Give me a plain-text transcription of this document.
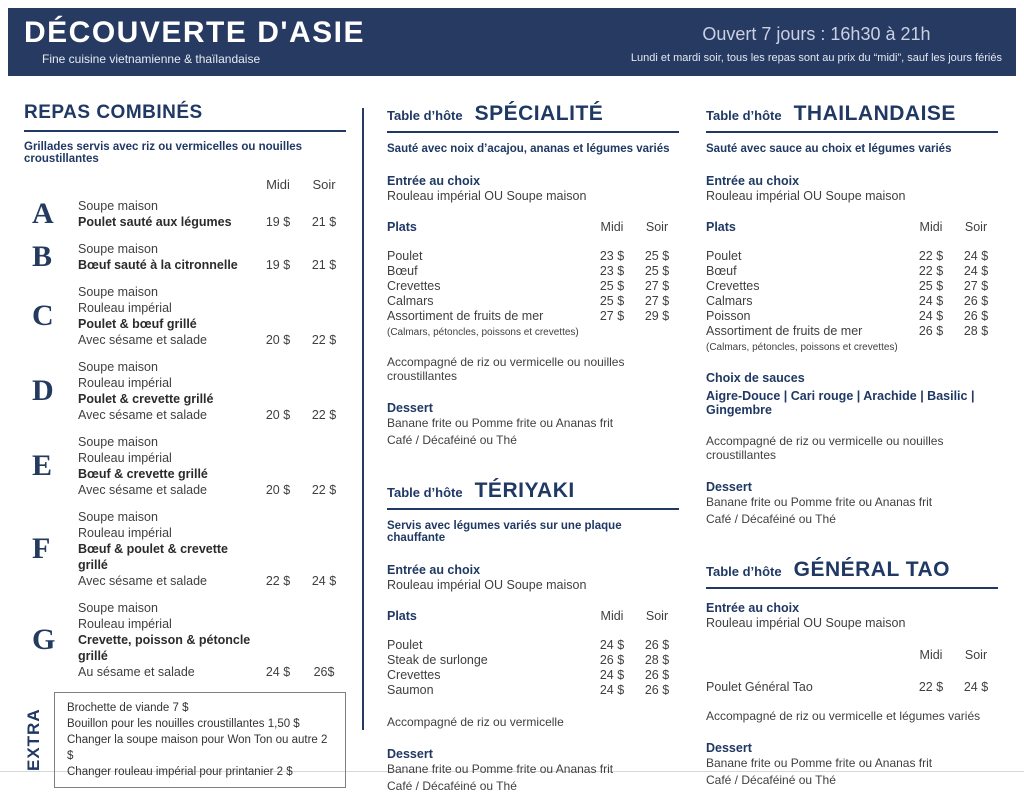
DÉCOUVERTE D'ASIE
Fine cuisine vietnamienne & thaïlandaise
Ouvert 7 jours : 16h30 à 21h
Lundi et mardi soir, tous les repas sont au prix du “midi”, sauf les jours fériés
REPAS COMBINÉS
Grillades servis avec riz ou vermicelles ou nouilles croustillantes
Midi	Soir
A	Soupe maison
Poulet sauté aux légumes	19 $	21 $
B	Soupe maison
Bœuf sauté à la citronnelle	19 $	21 $
C
Soupe maison
Rouleau impérial
Poulet & bœuf grillé
Avec sésame et salade	20 $	22 $
D
Soupe maison
Rouleau impérial
Poulet & crevette grillé
Avec sésame et salade	20 $	22 $
E
Soupe maison
Rouleau impérial
Bœuf & crevette grillé
Avec sésame et salade	20 $	22 $
F
Soupe maison
Rouleau impérial
Bœuf & poulet & crevette grillé
Avec sésame et salade	22 $	24 $
G
Soupe maison
Rouleau impérial
Crevette, poisson & pétoncle grillé
Au sésame et salade	24 $	26$
EXTRA
Brochette de viande 7 $
Bouillon pour les nouilles croustillantes 1,50 $
Changer la soupe maison pour Won Ton ou autre 2 $
Changer rouleau impérial pour printanier 2 $
Table d’hôte SPÉCIALITÉ
Sauté avec noix d’acajou, ananas et légumes variés
Entrée au choix
Rouleau impérial OU Soupe maison
Plats	Midi	Soir
Poulet	23 $	25 $
Bœuf	23 $	25 $
Crevettes	25 $	27 $
Calmars	25 $	27 $
Assortiment de fruits de mer	27 $	29 $
(Calmars, pétoncles, poissons et crevettes)
Accompagné de riz ou vermicelle ou nouilles croustillantes
Dessert
Banane frite ou Pomme frite ou Ananas frit
Café / Décaféiné ou Thé
Table d’hôte TÉRIYAKI
Servis avec légumes variés sur une plaque chauffante
Entrée au choix
Rouleau impérial OU Soupe maison
Plats	Midi	Soir
Poulet	24 $	26 $
Steak de surlonge	26 $	28 $
Crevettes	24 $	26 $
Saumon	24 $	26 $
Accompagné de riz ou vermicelle
Dessert
Banane frite ou Pomme frite ou Ananas frit
Café / Décaféiné ou Thé
Table d’hôte THAILANDAISE
Sauté avec sauce au choix et légumes variés
Entrée au choix
Rouleau impérial OU Soupe maison
Plats	Midi	Soir
Poulet	22 $	24 $
Bœuf	22 $	24 $
Crevettes	25 $	27 $
Calmars	24 $	26 $
Poisson	24 $	26 $
Assortiment de fruits de mer	26 $	28 $
(Calmars, pétoncles, poissons et crevettes)
Choix de sauces
Aigre-Douce | Cari rouge | Arachide | Basilic | Gingembre
Accompagné de riz ou vermicelle ou nouilles croustillantes
Dessert
Banane frite ou Pomme frite ou Ananas frit
Café / Décaféiné ou Thé
Table d’hôte GÉNÉRAL TAO
Entrée au choix
Rouleau impérial OU Soupe maison
Midi	Soir
Poulet Général Tao	22 $	24 $
Accompagné de riz ou vermicelle et légumes variés
Dessert
Banane frite ou Pomme frite ou Ananas frit
Café / Décaféiné ou Thé
